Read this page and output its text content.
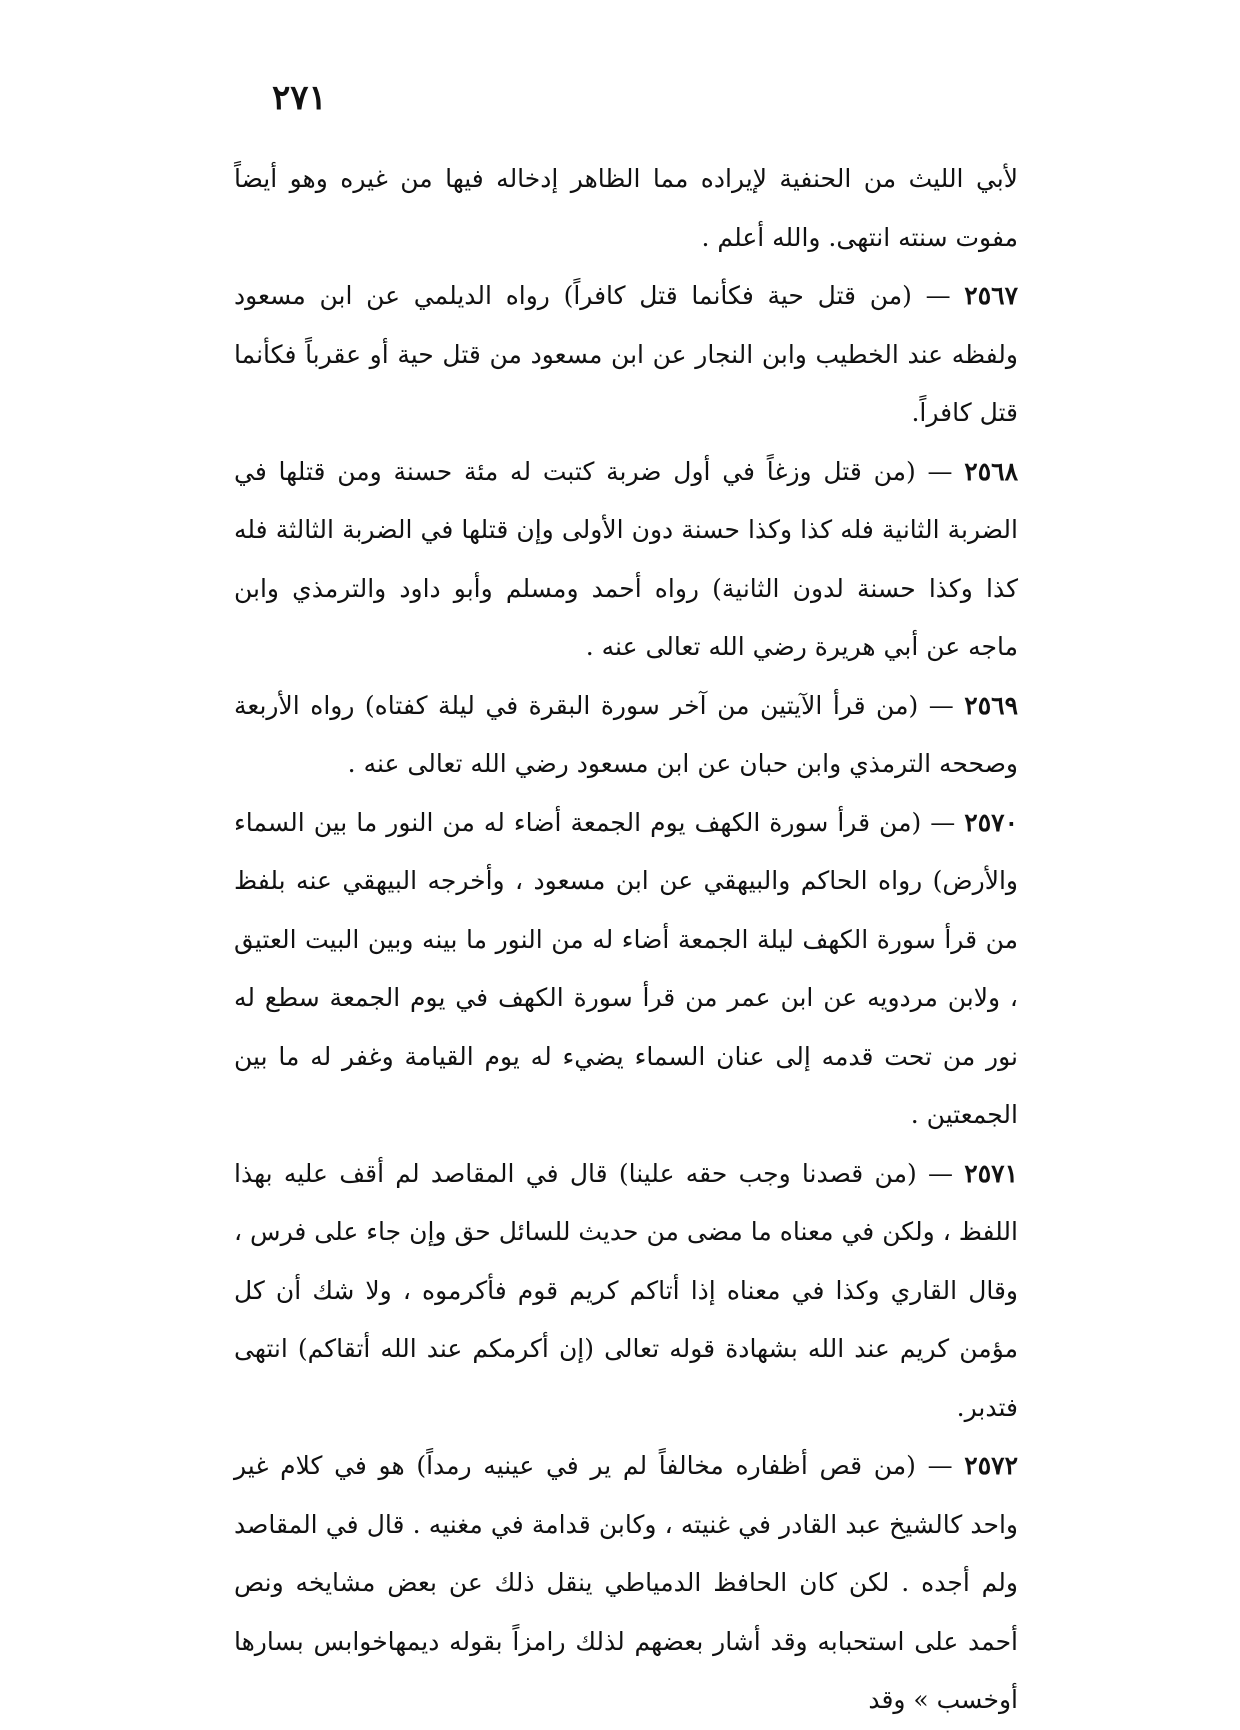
٢٧١

لأبي الليث من الحنفية لإيراده مما الظاهر إدخاله فيها من غيره وهو أيضاً مفوت سنته انتهى. والله أعلم .

٢٥٦٧ — (من قتل حية فكأنما قتل كافراً) رواه الديلمي عن ابن مسعود ولفظه عند الخطيب وابن النجار عن ابن مسعود من قتل حية أو عقرباً فكأنما قتل كافراً.

٢٥٦٨ — (من قتل وزغاً في أول ضربة كتبت له مئة حسنة ومن قتلها في الضربة الثانية فله كذا وكذا حسنة دون الأولى وإن قتلها في الضربة الثالثة فله كذا وكذا حسنة لدون الثانية) رواه أحمد ومسلم وأبو داود والترمذي وابن ماجه عن أبي هريرة رضي الله تعالى عنه .

٢٥٦٩ — (من قرأ الآيتين من آخر سورة البقرة في ليلة كفتاه) رواه الأربعة وصححه الترمذي وابن حبان عن ابن مسعود رضي الله تعالى عنه .

٢٥٧٠ — (من قرأ سورة الكهف يوم الجمعة أضاء له من النور ما بين السماء والأرض) رواه الحاكم والبيهقي عن ابن مسعود ، وأخرجه البيهقي عنه بلفظ من قرأ سورة الكهف ليلة الجمعة أضاء له من النور ما بينه وبين البيت العتيق ، ولابن مردويه عن ابن عمر من قرأ سورة الكهف في يوم الجمعة سطع له نور من تحت قدمه إلى عنان السماء يضيء له يوم القيامة وغفر له ما بين الجمعتين .

٢٥٧١ — (من قصدنا وجب حقه علينا) قال في المقاصد لم أقف عليه بهذا اللفظ ، ولكن في معناه ما مضى من حديث للسائل حق وإن جاء على فرس ، وقال القاري وكذا في معناه إذا أتاكم كريم قوم فأكرموه ، ولا شك أن كل مؤمن كريم عند الله بشهادة قوله تعالى (إن أكرمكم عند الله أتقاكم) انتهى فتدبر.

٢٥٧٢ — (من قص أظفاره مخالفاً لم ير في عينيه رمداً) هو في كلام غير واحد كالشيخ عبد القادر في غنيته ، وكابن قدامة في مغنيه . قال في المقاصد ولم أجده . لكن كان الحافظ الدمياطي ينقل ذلك عن بعض مشايخه ونص أحمد على استحبابه وقد أشار بعضهم لذلك رامزاً بقوله ديمهاخوابس بسارها أوخسب » وقد
